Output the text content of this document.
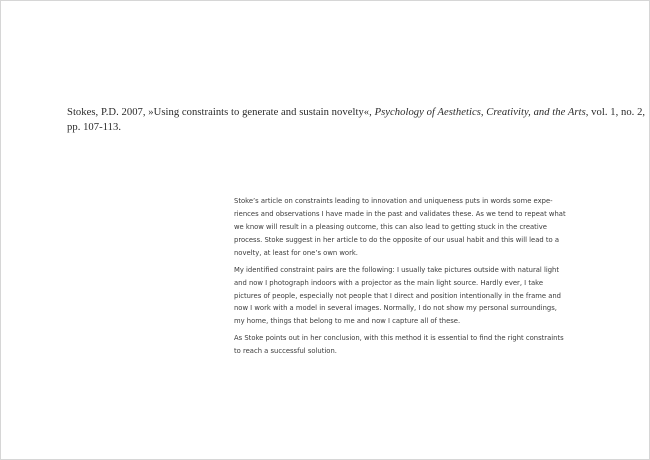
Stokes, P.D. 2007, »Using constraints to generate and sustain novelty«, Psychology of Aesthetics, Creativity, and the Arts, vol. 1, no. 2,
pp. 107-113.

Stoke’s article on constraints leading to innovation and uniqueness puts in words some expe-
riences and observations I have made in the past and validates these. As we tend to repeat what
we know will result in a pleasing outcome, this can also lead to getting stuck in the creative
process. Stoke suggest in her article to do the opposite of our usual habit and this will lead to a
novelty, at least for one’s own work.

My identified constraint pairs are the following: I usually take pictures outside with natural light
and now I photograph indoors with a projector as the main light source. Hardly ever, I take
pictures of people, especially not people that I direct and position intentionally in the frame and
now I work with a model in several images. Normally, I do not show my personal surroundings,
my home, things that belong to me and now I capture all of these.

As Stoke points out in her conclusion, with this method it is essential to find the right constraints
to reach a successful solution.
